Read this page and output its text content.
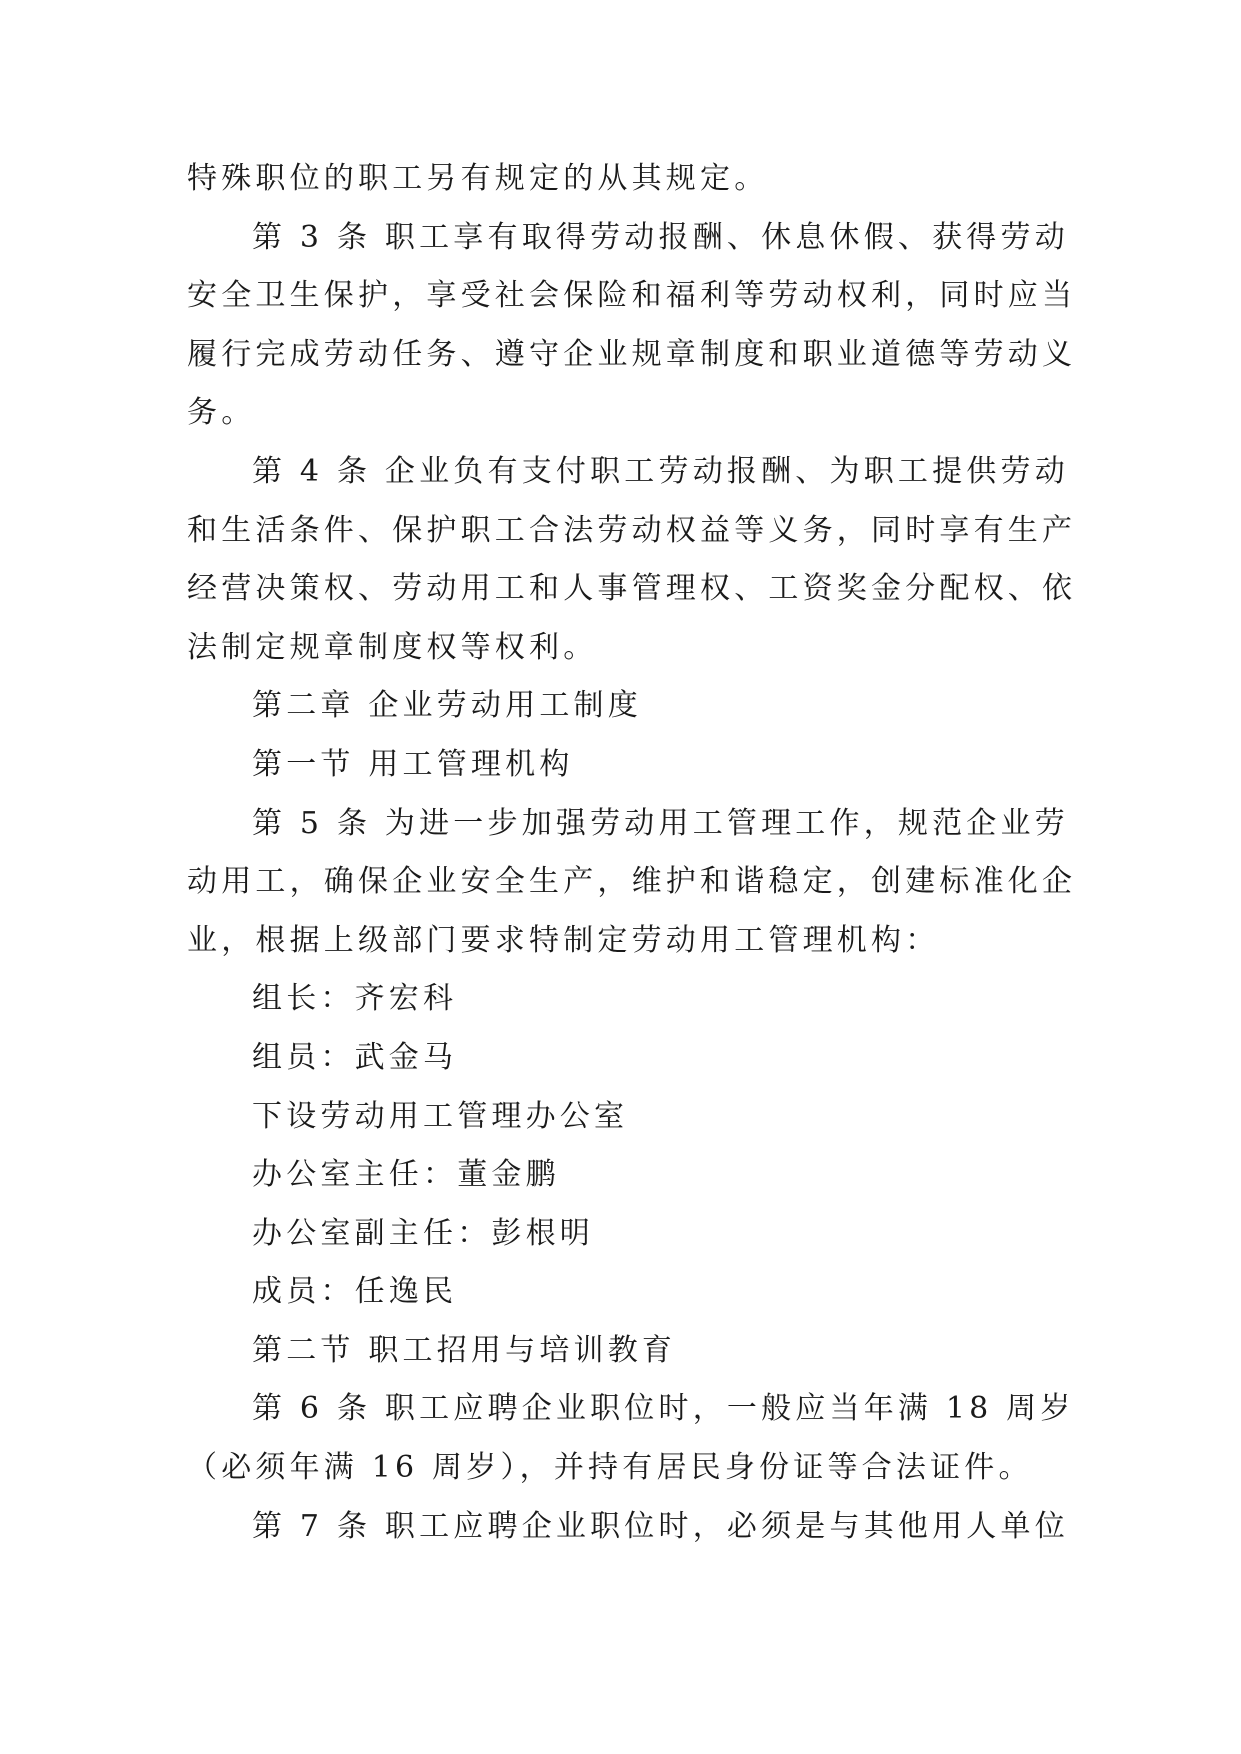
特殊职位的职工另有规定的从其规定。
第 3 条 职工享有取得劳动报酬、休息休假、获得劳动
安全卫生保护，享受社会保险和福利等劳动权利，同时应当
履行完成劳动任务、遵守企业规章制度和职业道德等劳动义
务。
第 4 条 企业负有支付职工劳动报酬、为职工提供劳动
和生活条件、保护职工合法劳动权益等义务，同时享有生产
经营决策权、劳动用工和人事管理权、工资奖金分配权、依
法制定规章制度权等权利。
第二章 企业劳动用工制度
第一节 用工管理机构
第 5 条 为进一步加强劳动用工管理工作，规范企业劳
动用工，确保企业安全生产，维护和谐稳定，创建标准化企
业，根据上级部门要求特制定劳动用工管理机构：
组长：齐宏科
组员：武金马
下设劳动用工管理办公室
办公室主任：董金鹏
办公室副主任：彭根明
成员：任逸民
第二节 职工招用与培训教育
第 6 条 职工应聘企业职位时，一般应当年满 18 周岁
（必须年满 16 周岁），并持有居民身份证等合法证件。
第 7 条 职工应聘企业职位时，必须是与其他用人单位
